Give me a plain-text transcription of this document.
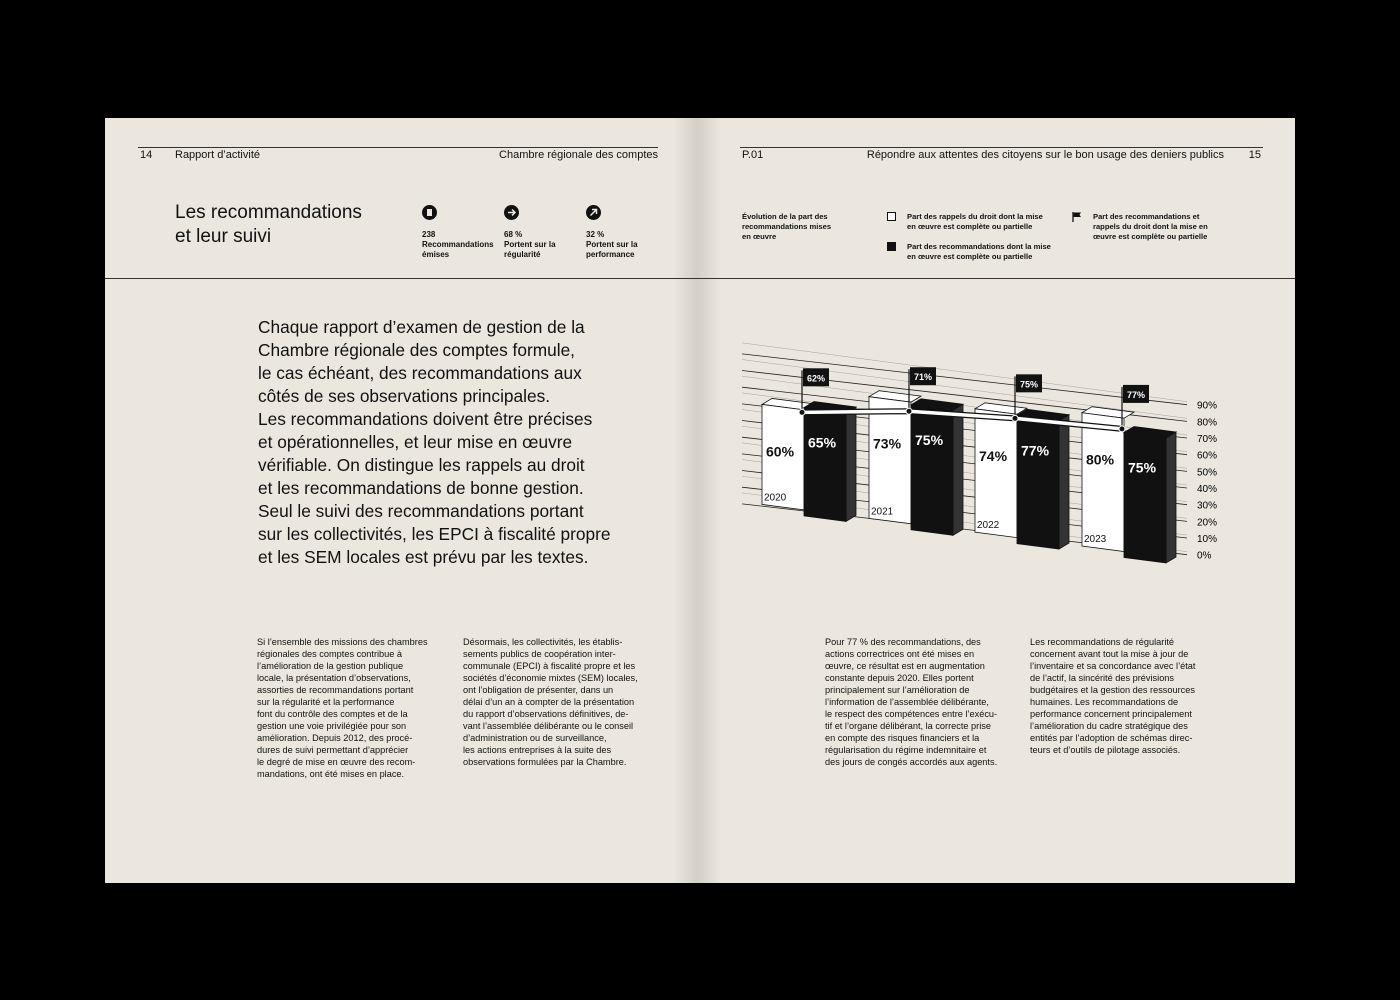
14 Rapport d’activité	Chambre régionale des comptes
Les recommandations
et leur suivi	238
Recommandations
émises
68 %
Portent sur la
régularité
32 %
Portent sur la
performance

Chaque rapport d’examen de gestion de la

Chambre régionale des comptes formule,

le cas échéant, des recommandations aux

côtés de ses observations principales.

Les recommandations doivent être précises

et opérationnelles, et leur mise en œuvre

vérifiable. On distingue les rappels au droit

et les recommandations de bonne gestion.

Seul le suivi des recommandations portant

sur les collectivités, les EPCI à fiscalité propre

et les SEM locales est prévu par les textes.

Si l’ensemble des missions des chambres

régionales des comptes contribue à

l’amélioration de la gestion publique

locale, la présentation d’observations,

assorties de recommandations portant

sur la régularité et la performance

font du contrôle des comptes et de la

gestion une voie privilégiée pour son

amélioration. Depuis 2012, des procé-

dures de suivi permettant d’apprécier

le degré de mise en œuvre des recom-

mandations, ont été mises en place.

Désormais, les collectivités, les établis-

sements publics de coopération inter-

communale (EPCI) à fiscalité propre et les

sociétés d’économie mixtes (SEM) locales,

ont l’obligation de présenter, dans un

délai d’un an à compter de la présentation

du rapport d’observations définitives, de-

vant l’assemblée délibérante ou le conseil

d’administration ou de surveillance,

les actions entreprises à la suite des

observations formulées par la Chambre.

P.01	Répondre aux attentes des citoyens sur le bon usage des deniers publics 15

Évolution de la part des

recommandations mises

en œuvre

Part des rappels du droit dont la mise

en œuvre est complète ou partielle

Part des recommandations dont la mise

en œuvre est complète ou partielle

Part des recommandations et

rappels du droit dont la mise en

œuvre est complète ou partielle

0%
10%
20%
30%
40%
50%
60%
70%
80%
90%
60%
2020
65%	73%
2021
75%
74%
2022
77%
80%
2023
75%
62%	71%
75%
77%

Pour 77 % des recommandations, des

actions correctrices ont été mises en

œuvre, ce résultat est en augmentation

constante depuis 2020. Elles portent

principalement sur l’amélioration de

l’information de l’assemblée délibérante,

le respect des compétences entre l’exécu-

tif et l’organe délibérant, la correcte prise

en compte des risques financiers et la

régularisation du régime indemnitaire et

des jours de congés accordés aux agents.

Les recommandations de régularité

concernent avant tout la mise à jour de

l’inventaire et sa concordance avec l’état

de l’actif, la sincérité des prévisions

budgétaires et la gestion des ressources

humaines. Les recommandations de

performance concernent principalement

l’amélioration du cadre stratégique des

entités par l’adoption de schémas direc-

teurs et d’outils de pilotage associés.
